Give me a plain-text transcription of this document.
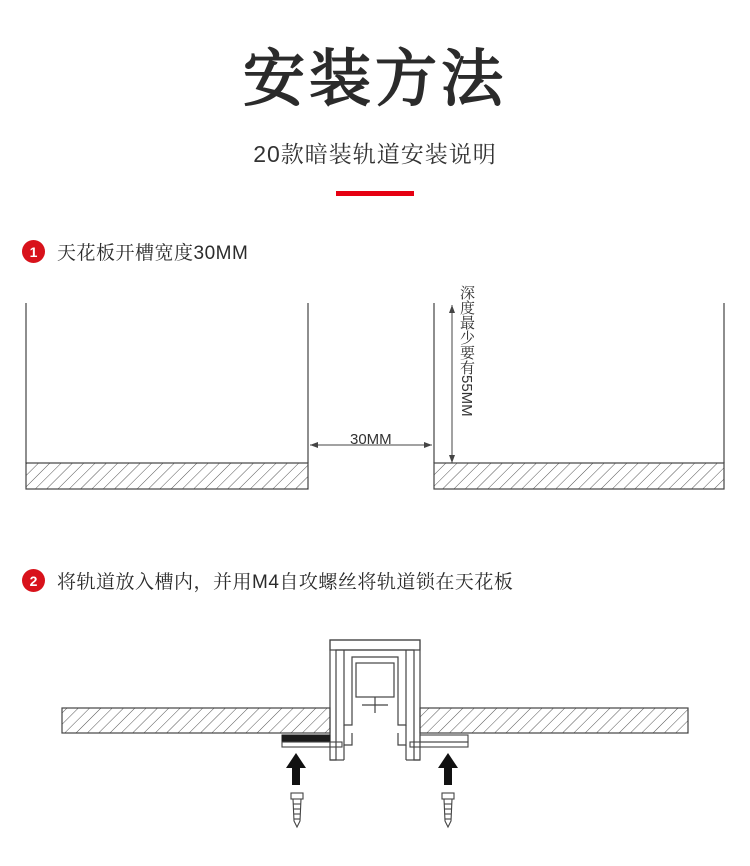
安装方法
20款暗装轨道安装说明
1	天花板开槽宽度30MM
30MM
深度最少要有55MM
2	将轨道放入槽内，并用M4自攻螺丝将轨道锁在天花板
